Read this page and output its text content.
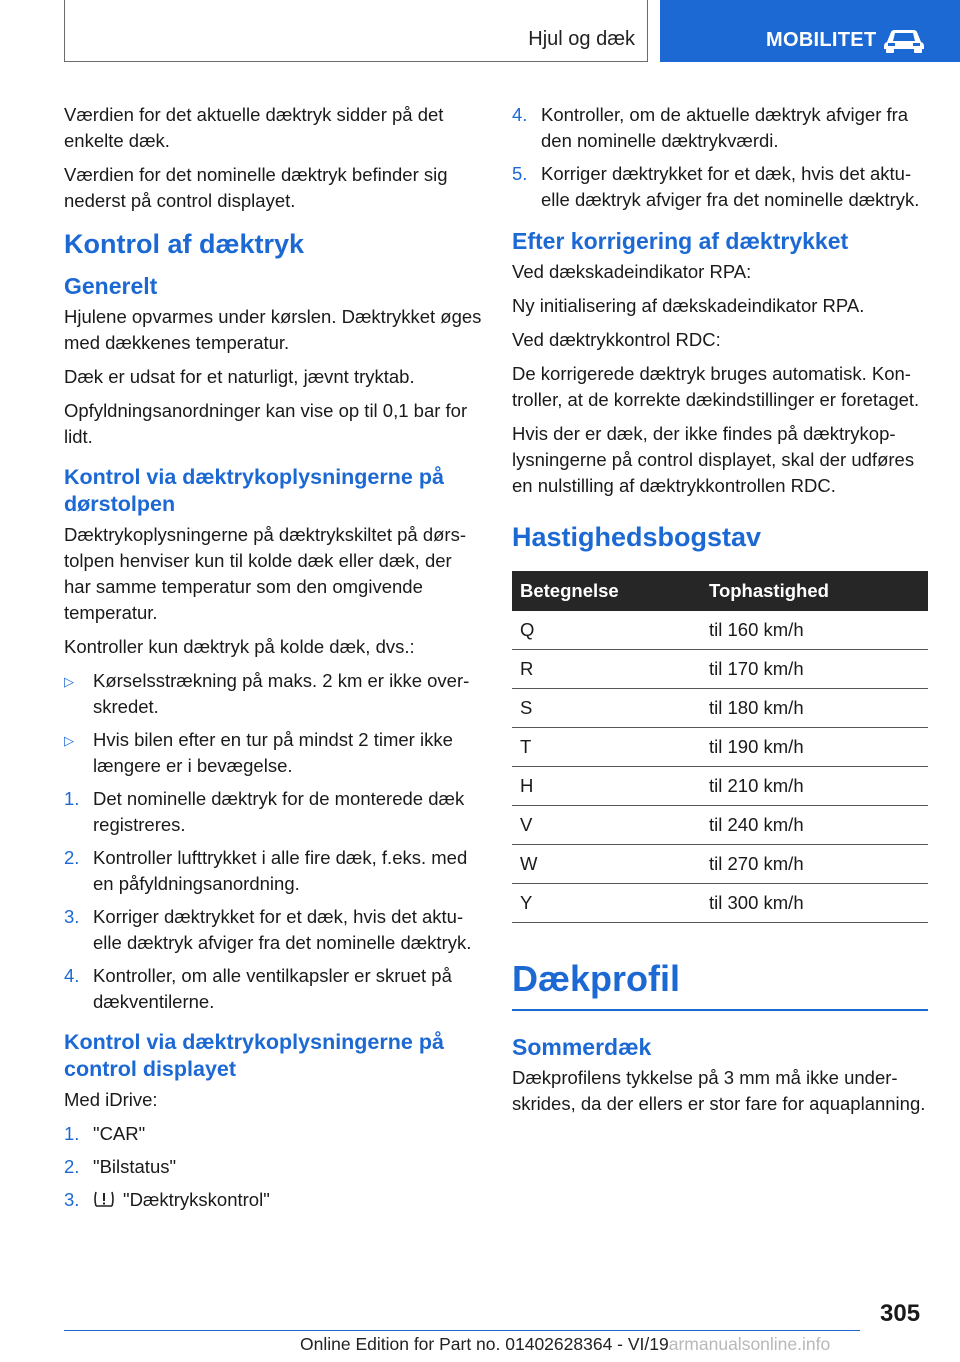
Hjul og dæk	MOBILITET

Værdien for det aktuelle dæktryk sidder på det enkelte dæk.

Værdien for det nominelle dæktryk befinder sig nederst på control displayet.

Kontrol af dæktryk
Generelt

Hjulene opvarmes under kørslen. Dæktrykket øges med dækkenes temperatur.

Dæk er udsat for et naturligt, jævnt tryktab.

Opfyldningsanordninger kan vise op til 0,1 bar for lidt.

Kontrol via dæktrykoplysningerne på dørstolpen

Dæktrykoplysningerne på dæktrykskiltet på dørstolpen henviser kun til kolde dæk eller dæk, der har samme temperatur som den omgivende temperatur.

Kontroller kun dæktryk på kolde dæk, dvs.:

▷ Kørselsstrækning på maks. 2 km er ikke overskredet.
▷ Hvis bilen efter en tur på mindst 2 timer ikke længere er i bevægelse.
1. Det nominelle dæktryk for de monterede dæk registreres.
2. Kontroller lufttrykket i alle fire dæk, f.eks. med en påfyldningsanordning.
3. Korriger dæktrykket for et dæk, hvis det aktuelle dæktryk afviger fra det nominelle dæktryk.
4. Kontroller, om alle ventilkapsler er skruet på dækventilerne.
Kontrol via dæktrykoplysningerne på control displayet

Med iDrive:

1. "CAR"
2. "Bilstatus"
3. "Dæktrykskontrol"
4. Kontroller, om de aktuelle dæktryk afviger fra den nominelle dæktrykværdi.
5. Korriger dæktrykket for et dæk, hvis det aktuelle dæktryk afviger fra det nominelle dæktryk.
Efter korrigering af dæktrykket

Ved dækskadeindikator RPA:

Ny initialisering af dækskadeindikator RPA.

Ved dæktrykkontrol RDC:

De korrigerede dæktryk bruges automatisk. Kontroller, at de korrekte dækindstillinger er foretaget.

Hvis der er dæk, der ikke findes på dæktrykoplysningerne på control displayet, skal der udføres en nulstilling af dæktrykkontrollen RDC.

Hastighedsbogstav
Betegnelse	Tophastighed
Q	til 160 km/h
R	til 170 km/h
S	til 180 km/h
T	til 190 km/h
H	til 210 km/h
V	til 240 km/h
W	til 270 km/h
Y	til 300 km/h
Dækprofil
Sommerdæk

Dækprofilens tykkelse på 3 mm må ikke underskrides, da der ellers er stor fare for aquaplanning.

305
Online Edition for Part no. 01402628364 - VI/19armanualsonline.info
